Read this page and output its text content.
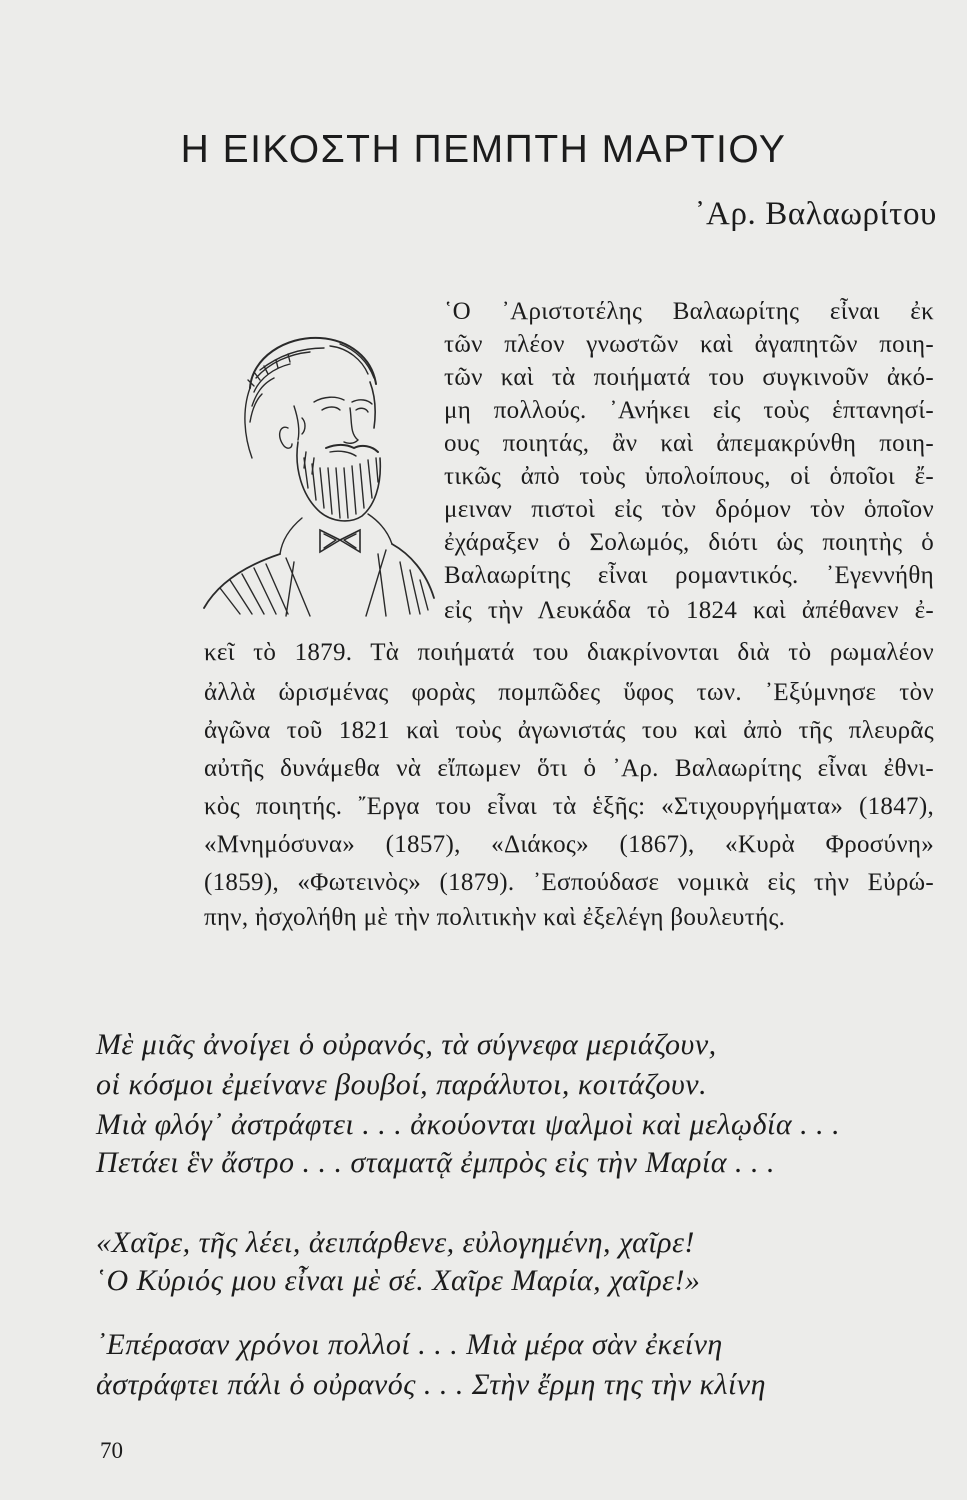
Η ΕΙΚΟΣΤΗ ΠΕΜΠΤΗ ΜΑΡΤΙΟΥ
᾿Αρ. Βαλαωρίτου
῾Ο ᾿Αριστοτέλης Βαλαωρίτης εἶναι ἐκ
τῶν πλέον γνωστῶν καὶ ἀγαπητῶν ποιη-
τῶν καὶ τὰ ποιήματά του συγκινοῦν ἀκό-
μη πολλούς. ᾿Ανήκει εἰς τοὺς ἑπτανησί-
ους ποιητάς, ἂν καὶ ἀπεμακρύνθη ποιη-
τικῶς ἀπὸ τοὺς ὑπολοίπους, οἱ ὁποῖοι ἔ-
μειναν πιστοὶ εἰς τὸν δρόμον τὸν ὁποῖον
ἐχάραξεν ὁ Σολωμός, διότι ὡς ποιητὴς ὁ
Βαλαωρίτης εἶναι ρομαντικός. ᾿Εγεννήθη
εἰς τὴν Λευκάδα τὸ 1824 καὶ ἀπέθανεν ἐ-
κεῖ τὸ 1879. Τὰ ποιήματά του διακρίνονται διὰ τὸ ρωμαλέον
ἀλλὰ ὡρισμένας φορὰς πομπῶδες ὕφος των. ᾿Εξύμνησε τὸν
ἀγῶνα τοῦ 1821 καὶ τοὺς ἀγωνιστάς του καὶ ἀπὸ τῆς πλευρᾶς
αὐτῆς δυνάμεθα νὰ εἴπωμεν ὅτι ὁ ᾿Αρ. Βαλαωρίτης εἶναι ἐθνι-
κὸς ποιητής. ῎Εργα του εἶναι τὰ ἑξῆς: «Στιχουργήματα» (1847),
«Μνημόσυνα» (1857), «Διάκος» (1867), «Κυρὰ Φροσύνη»
(1859), «Φωτεινὸς» (1879). ᾿Εσπούδασε νομικὰ εἰς τὴν Εὐρώ-
πην, ἠσχολήθη μὲ τὴν πολιτικὴν καὶ ἐξελέγη βουλευτής.
Μὲ μιᾶς ἀνοίγει ὁ οὐρανός, τὰ σύγνεφα μεριάζουν,
οἱ κόσμοι ἐμείνανε βουβοί, παράλυτοι, κοιτάζουν.
Μιὰ φλόγ᾿ ἀστράφτει . . . ἀκούονται ψαλμοὶ καὶ μελῳδία . . .
Πετάει ἓν ἄστρο . . . σταματᾷ ἐμπρὸς εἰς τὴν Μαρία . . .
«Χαῖρε, τῆς λέει, ἀειπάρθενε, εὐλογημένη, χαῖρε!
῾Ο Κύριός μου εἶναι μὲ σέ. Χαῖρε Μαρία, χαῖρε!»
᾿Επέρασαν χρόνοι πολλοί . . . Μιὰ μέρα σὰν ἐκείνη
ἀστράφτει πάλι ὁ οὐρανός . . . Στὴν ἔρμη της τὴν κλίνη
70
